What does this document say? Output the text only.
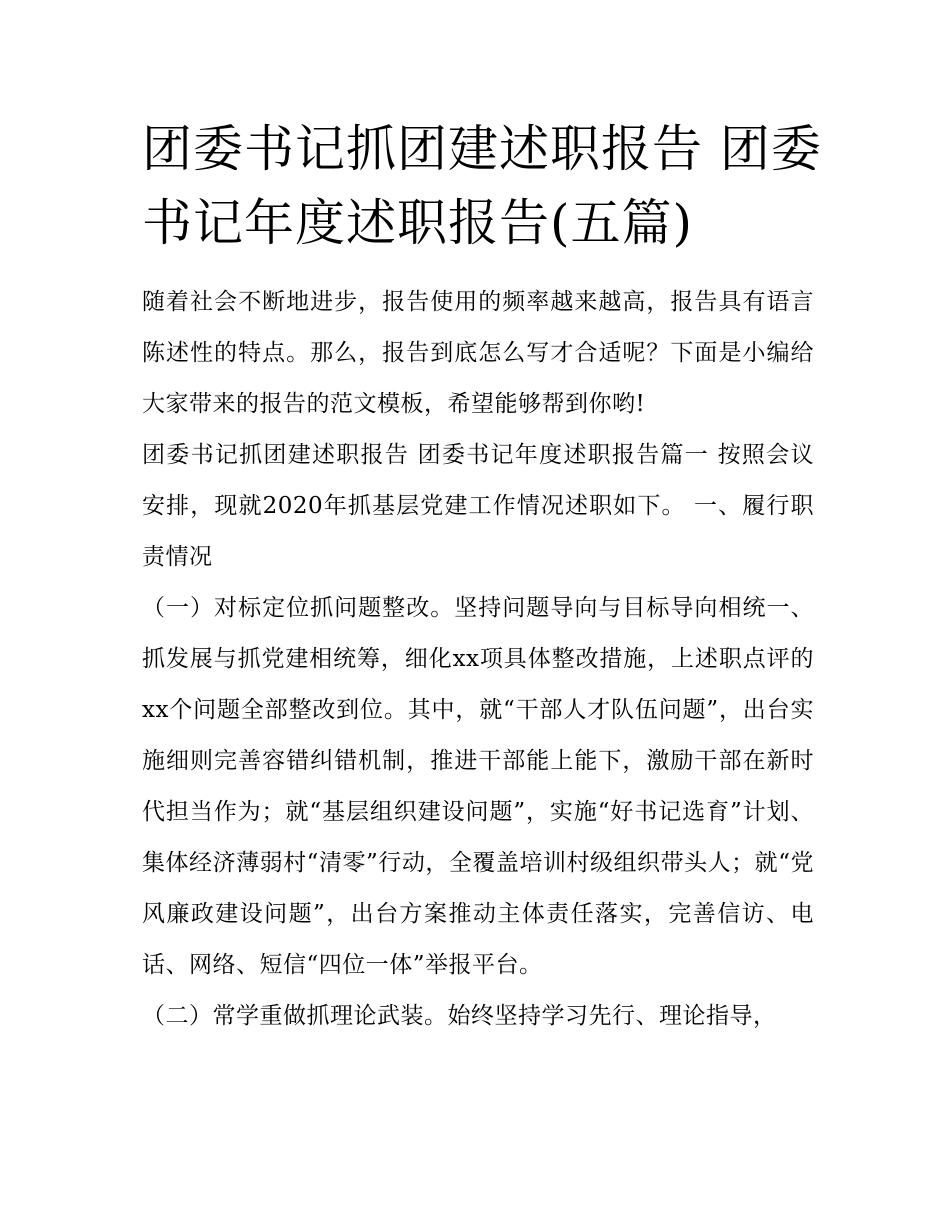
团委书记抓团建述职报告 团委书记年度述职报告(五篇)

随着社会不断地进步，报告使用的频率越来越高，报告具有语言陈述性的特点。那么，报告到底怎么写才合适呢？下面是小编给大家带来的报告的范文模板，希望能够帮到你哟!

团委书记抓团建述职报告 团委书记年度述职报告篇一 按照会议安排，现就2020年抓基层党建工作情况述职如下。 一、履行职责情况

（一）对标定位抓问题整改。坚持问题导向与目标导向相统一、抓发展与抓党建相统筹，细化xx项具体整改措施，上述职点评的xx个问题全部整改到位。其中，就“干部人才队伍问题”，出台实施细则完善容错纠错机制，推进干部能上能下，激励干部在新时代担当作为；就“基层组织建设问题”，实施“好书记选育”计划、集体经济薄弱村“清零”行动，全覆盖培训村级组织带头人；就“党风廉政建设问题”，出台方案推动主体责任落实，完善信访、电话、网络、短信“四位一体”举报平台。

（二）常学重做抓理论武装。始终坚持学习先行、理论指导，
